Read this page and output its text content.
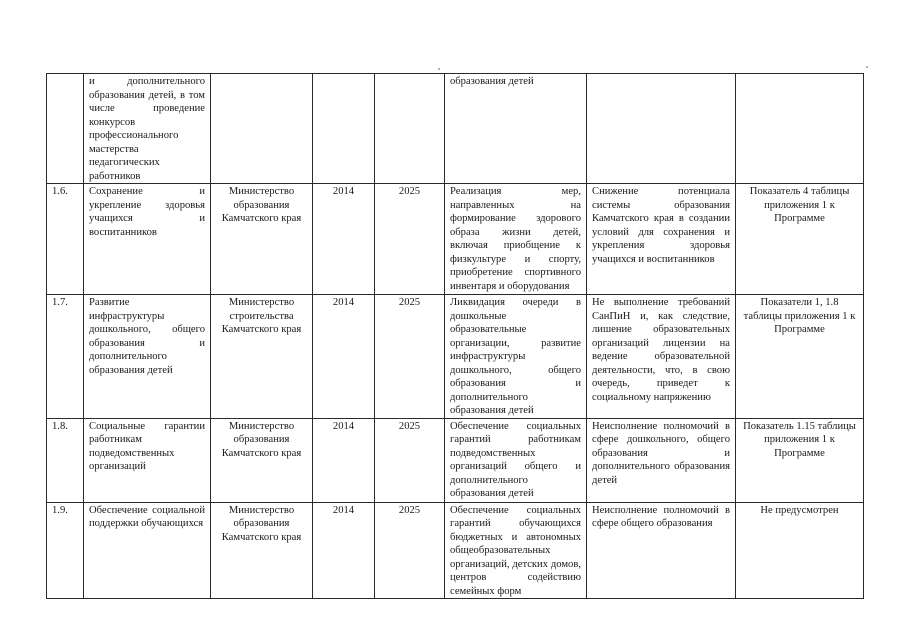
	и дополнительного образования детей, в том числе проведение конкурсов профессионального мастерства педагогических работников				образования детей		
1.6.	Сохранение и укрепление здоровья учащихся и воспитанников	Министерство образования Камчатского края	2014	2025	Реализация мер, направленных на формирование здорового образа жизни детей, включая приобщение к физкультуре и спорту, приобретение спортивного инвентаря и оборудования	Снижение потенциала системы образования Камчатского края в создании условий для сохранения и укрепления здоровья учащихся и воспитанников	Показатель 4 таблицы приложения 1 к Программе
1.7.	Развитие инфраструктуры дошкольного, общего образования и дополнительного образования детей	Министерство строительства Камчатского края	2014	2025	Ликвидация очереди в дошкольные образовательные организации, развитие инфраструктуры дошкольного, общего образования и дополнительного образования детей	Не выполнение требований СанПиН и, как следствие, лишение образовательных организаций лицензии на ведение образовательной деятельности, что, в свою очередь, приведет к социальному напряжению	Показатели 1, 1.8 таблицы приложения 1 к Программе
1.8.	Социальные гарантии работникам подведомственных организаций	Министерство образования Камчатского края	2014	2025	Обеспечение социальных гарантий работникам подведомственных организаций общего и дополнительного образования детей	Неисполнение полномочий в сфере дошкольного, общего образования и дополнительного образования детей	Показатель 1.15 таблицы приложения 1 к Программе
1.9.	Обеспечение социальной поддержки обучающихся	Министерство образования Камчатского края	2014	2025	Обеспечение социальных гарантий обучающихся бюджетных и автономных общеобразовательных организаций, детских домов, центров содействию семейных форм	Неисполнение полномочий в сфере общего образования	Не предусмотрен
